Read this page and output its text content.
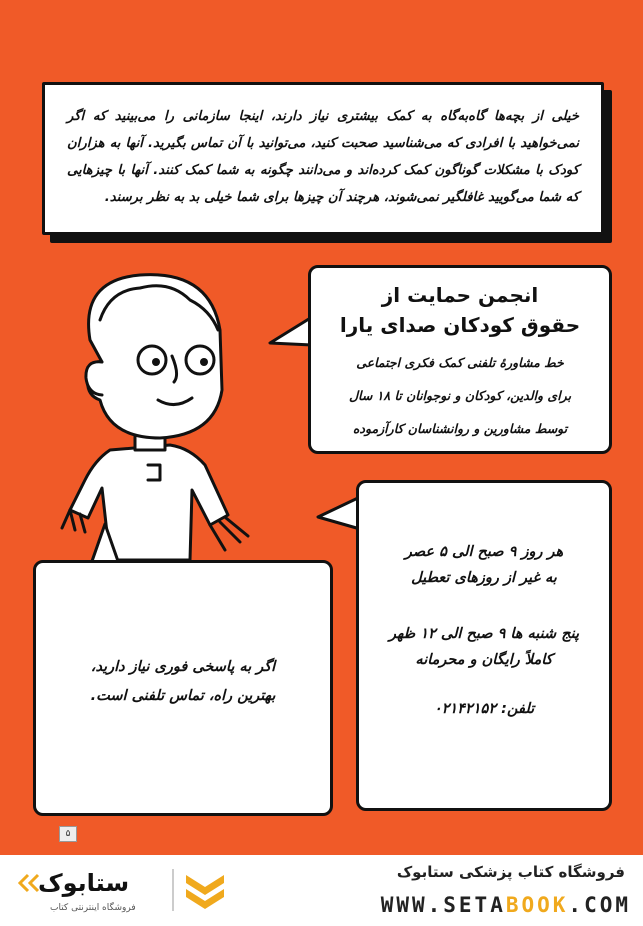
خیلی از بچه‌ها گاه‌به‌گاه به کمک بیشتری نیاز دارند، اینجا سازمانی را می‌بینید که اگر نمی‌خواهید با افرادی که می‌شناسید صحبت کنید، می‌توانید با آن تماس بگیرید. آنها به هزاران کودک با مشکلات گوناگون کمک کرده‌اند و می‌دانند چگونه به شما کمک کنند. آنها با چیزهایی که شما می‌گویید غافلگیر نمی‌شوند، هرچند آن چیزها برای شما خیلی بد به نظر برسند.

انجمن حمایت از
حقوق کودکان صدای یارا
خط مشاورهٔ تلفنی کمک فکری اجتماعی
برای والدین، کودکان و نوجوانان تا ۱۸ سال
توسط مشاورین و روانشناسان کارآزموده
هر روز ۹ صبح الی ۵ عصر
به غیر از روزهای تعطیل
پنج شنبه ها ۹ صبح الی ۱۲ ظهر
کاملاً رایگان و محرمانه
تلفن: ۰۲۱۴۲۱۵۲
اگر به پاسخی فوری نیاز دارید،
بهترین راه، تماس تلفنی است.
۵
ستابوک
فروشگاه اینترنتی کتاب
فروشگاه کتاب پزشکی ستابوک
WWW.SETABOOK.COM
